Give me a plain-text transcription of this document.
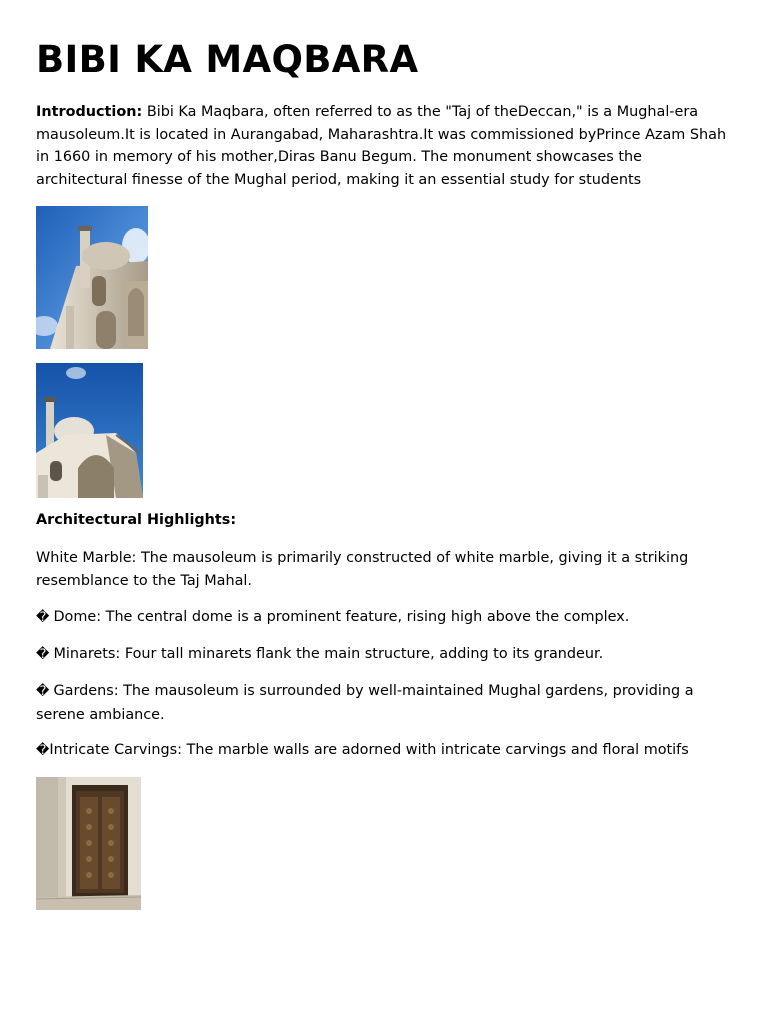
BIBI KA MAQBARA

Introduction: Bibi Ka Maqbara, often referred to as the "Taj of theDeccan," is a Mughal-era mausoleum.It is located in Aurangabad, Maharashtra.It was commissioned byPrince Azam Shah in 1660 in memory of his mother,Diras Banu Begum. The monument showcases the architectural finesse of the Mughal period, making it an essential study for students

Architectural Highlights:

White Marble: The mausoleum is primarily constructed of white marble, giving it a striking resemblance to the Taj Mahal.

� Dome: The central dome is a prominent feature, rising high above the complex.

� Minarets: Four tall minarets flank the main structure, adding to its grandeur.

� Gardens: The mausoleum is surrounded by well-maintained Mughal gardens, providing a serene ambiance.

�Intricate Carvings: The marble walls are adorned with intricate carvings and floral motifs
